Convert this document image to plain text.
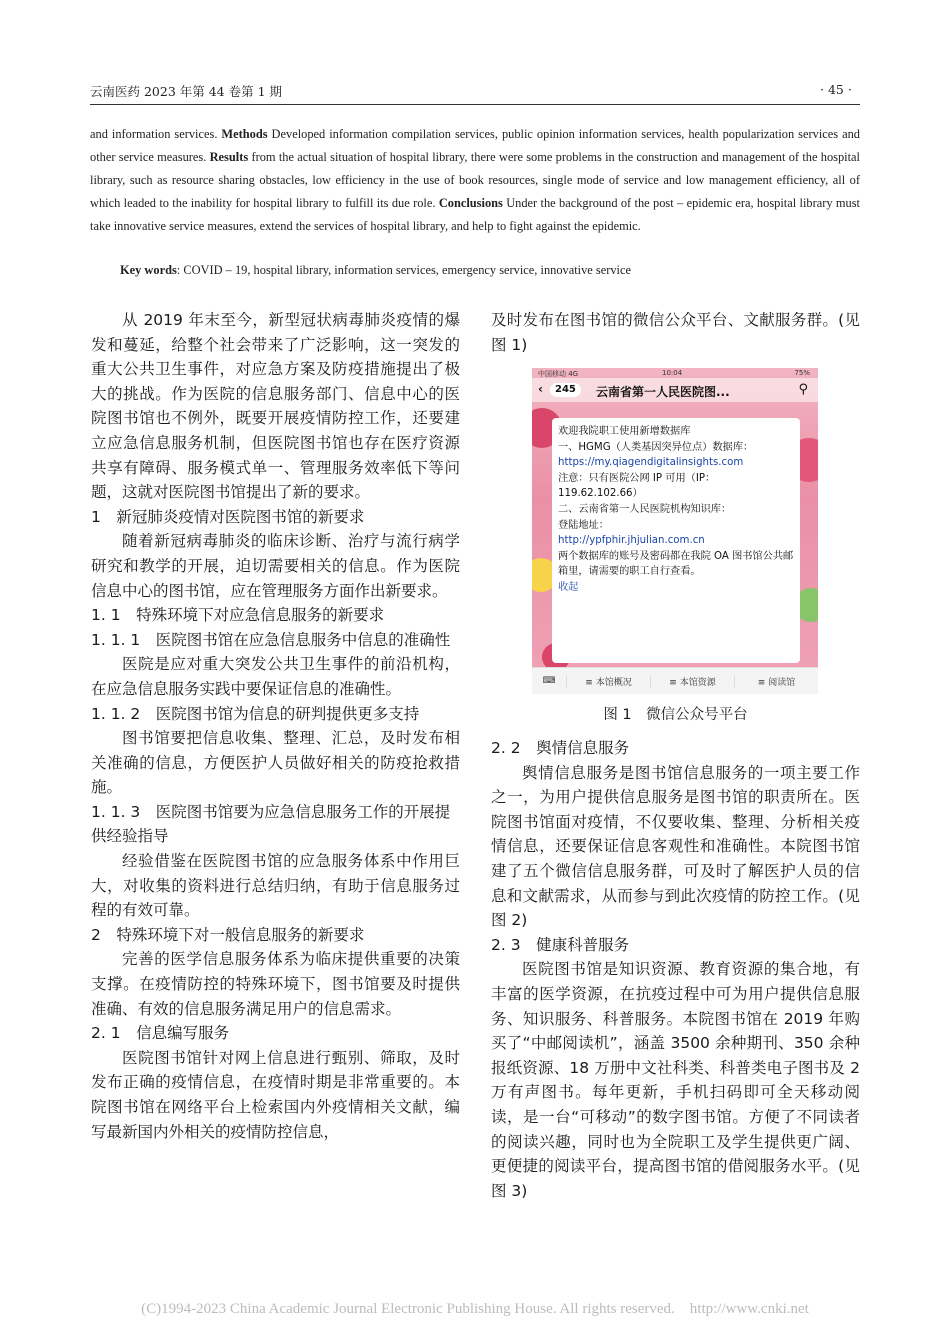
云南医药 2023 年第 44 卷第 1 期	· 45 ·
and information services. Methods Developed information compilation services, public opinion information services, health popularization services and other service measures. Results from the actual situation of hospital library, there were some problems in the construction and management of the hospital library, such as resource sharing obstacles, low efficiency in the use of book resources, single mode of service and low management efficiency, all of which leaded to the inability for hospital library to fulfill its due role. Conclusions Under the background of the post – epidemic era, hospital library must take innovative service measures, extend the services of hospital library, and help to fight against the epidemic.
Key words: COVID – 19, hospital library, information services, emergency service, innovative service

从 2019 年末至今，新型冠状病毒肺炎疫情的爆发和蔓延，给整个社会带来了广泛影响，这一突发的重大公共卫生事件，对应急方案及防疫措施提出了极大的挑战。作为医院的信息服务部门、信息中心的医院图书馆也不例外，既要开展疫情防控工作，还要建立应急信息服务机制，但医院图书馆也存在医疗资源共享有障碍、服务模式单一、管理服务效率低下等问题，这就对医院图书馆提出了新的要求。

1　新冠肺炎疫情对医院图书馆的新要求

随着新冠病毒肺炎的临床诊断、治疗与流行病学研究和教学的开展，迫切需要相关的信息。作为医院信息中心的图书馆，应在管理服务方面作出新要求。

1. 1　特殊环境下对应急信息服务的新要求
1. 1. 1　医院图书馆在应急信息服务中信息的准确性

医院是应对重大突发公共卫生事件的前沿机构，在应急信息服务实践中要保证信息的准确性。

1. 1. 2　医院图书馆为信息的研判提供更多支持

图书馆要把信息收集、整理、汇总，及时发布相关准确的信息，方便医护人员做好相关的防疫抢救措施。

1. 1. 3　医院图书馆要为应急信息服务工作的开展提供经验指导

经验借鉴在医院图书馆的应急服务体系中作用巨大，对收集的资料进行总结归纳，有助于信息服务过程的有效可靠。

2　特殊环境下对一般信息服务的新要求

完善的医学信息服务体系为临床提供重要的决策支撑。在疫情防控的特殊环境下，图书馆要及时提供准确、有效的信息服务满足用户的信息需求。

2. 1　信息编写服务

医院图书馆针对网上信息进行甄别、筛取，及时发布正确的疫情信息，在疫情时期是非常重要的。本院图书馆在网络平台上检索国内外疫情相关文献，编写最新国内外相关的疫情防控信息，

及时发布在图书馆的微信公众平台、文献服务群。(见图 1)

中国移动 4G	10:04	75%
‹	245	云南省第一人民医院图...	⚲

欢迎我院职工使用新增数据库

一、HGMG（人类基因突异位点）数据库：

https://my.qiagendigitalinsights.com

注意：只有医院公网 IP 可用（IP：119.62.102.66）

二、云南省第一人民医院机构知识库：

登陆地址：

http://ypfphir.jhjulian.com.cn

两个数据库的账号及密码都在我院 OA 图书馆公共邮箱里，请需要的职工自行查看。

收起

⌨	≡ 本馆概况	≡ 本馆资源	≡ 阅读馆
图 1　微信公众号平台
2. 2　舆情信息服务

舆情信息服务是图书馆信息服务的一项主要工作之一，为用户提供信息服务是图书馆的职责所在。医院图书馆面对疫情，不仅要收集、整理、分析相关疫情信息，还要保证信息客观性和准确性。本院图书馆建了五个微信信息服务群，可及时了解医护人员的信息和文献需求，从而参与到此次疫情的防控工作。(见图 2)

2. 3　健康科普服务

医院图书馆是知识资源、教育资源的集合地，有丰富的医学资源，在抗疫过程中可为用户提供信息服务、知识服务、科普服务。本院图书馆在 2019 年购买了“中邮阅读机”，涵盖 3500 余种期刊、350 余种报纸资源、18 万册中文社科类、科普类电子图书及 2 万有声图书。每年更新，手机扫码即可全天移动阅读，是一台“可移动”的数字图书馆。方便了不同读者的阅读兴趣，同时也为全院职工及学生提供更广阔、更便捷的阅读平台，提高图书馆的借阅服务水平。(见图 3)

(C)1994-2023 China Academic Journal Electronic Publishing House. All rights reserved.　http://www.cnki.net
